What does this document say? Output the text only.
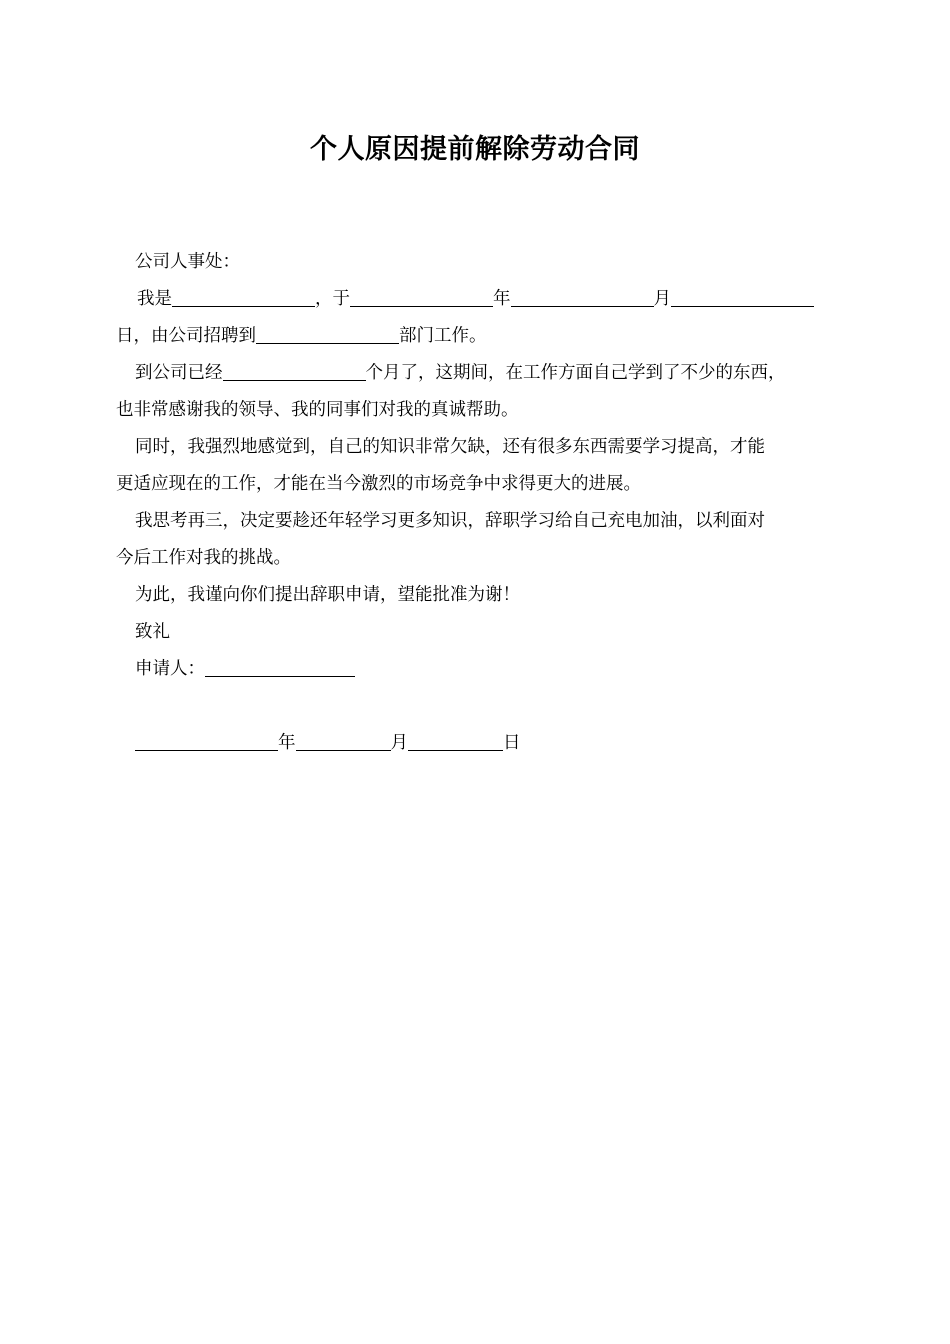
个人原因提前解除劳动合同
公司人事处：
我是	，于	年	月
日，由公司招聘到	部门工作。
到公司已经	个月了，这期间，在工作方面自己学到了不少的东西，
也非常感谢我的领导、我的同事们对我的真诚帮助。
同时，我强烈地感觉到，自己的知识非常欠缺，还有很多东西需要学习提高，才能
更适应现在的工作，才能在当今激烈的市场竞争中求得更大的进展。
我思考再三，决定要趁还年轻学习更多知识，辞职学习给自己充电加油，以利面对
今后工作对我的挑战。
为此，我谨向你们提出辞职申请，望能批准为谢！
致礼
申请人：
年	月	日
